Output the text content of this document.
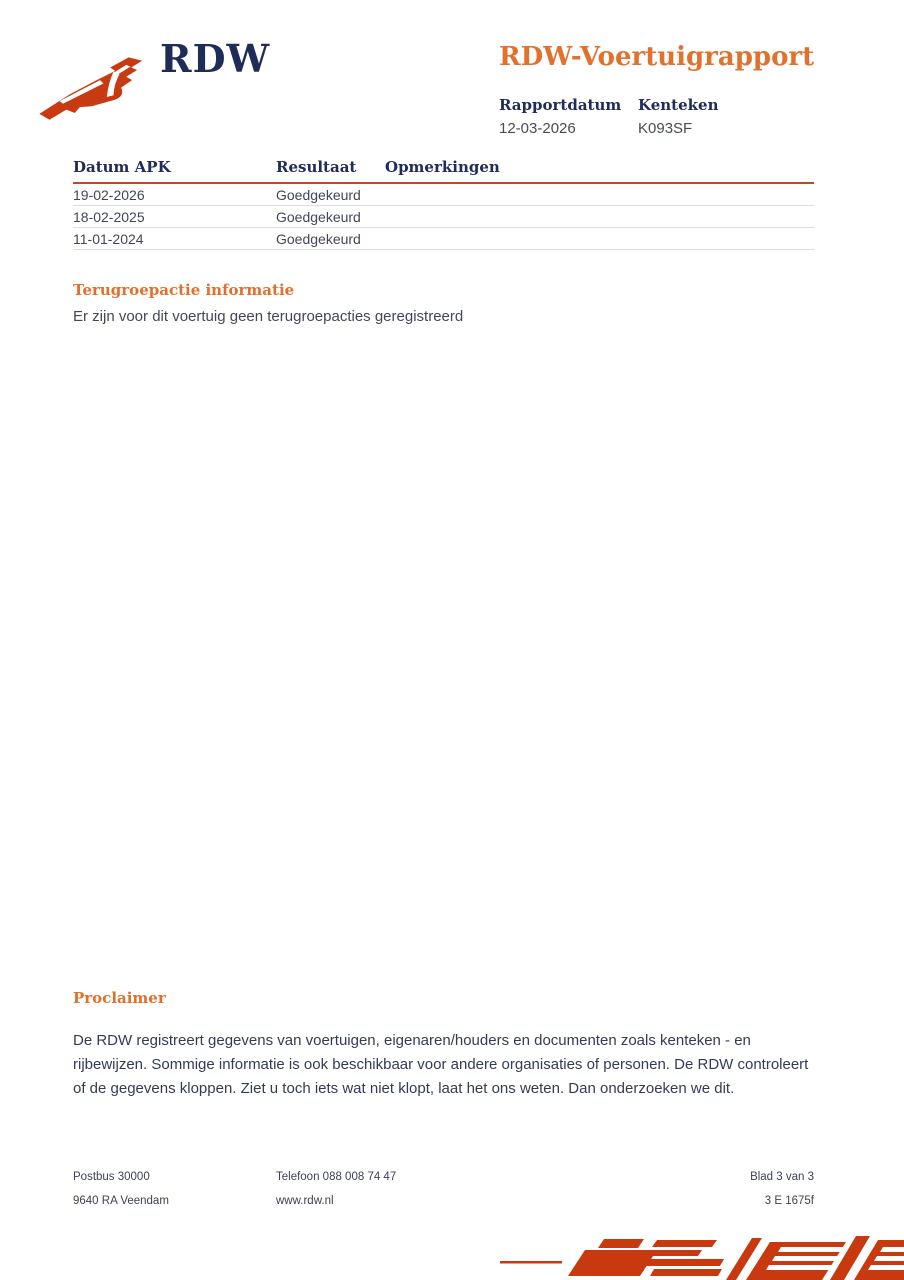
RDW	RDW-Voertuigrapport
Rapportdatum
12-03-2026
Kenteken
K093SF
Datum APK	Resultaat	Opmerkingen
19-02-2026	Goedgekeurd
18-02-2025	Goedgekeurd
11-01-2024	Goedgekeurd
Terugroepactie informatie
Er zijn voor dit voertuig geen terugroepacties geregistreerd
Proclaimer

De RDW registreert gegevens van voertuigen, eigenaren/houders en documenten zoals kenteken - en rijbewijzen. Sommige informatie is ook beschikbaar voor andere organisaties of personen. De RDW controleert of de gegevens kloppen. Ziet u toch iets wat niet klopt, laat het ons weten. Dan onderzoeken we dit.

Postbus 30000	Telefoon 088 008 74 47	Blad 3 van 3
9640 RA Veendam	www.rdw.nl	3 E 1675f
